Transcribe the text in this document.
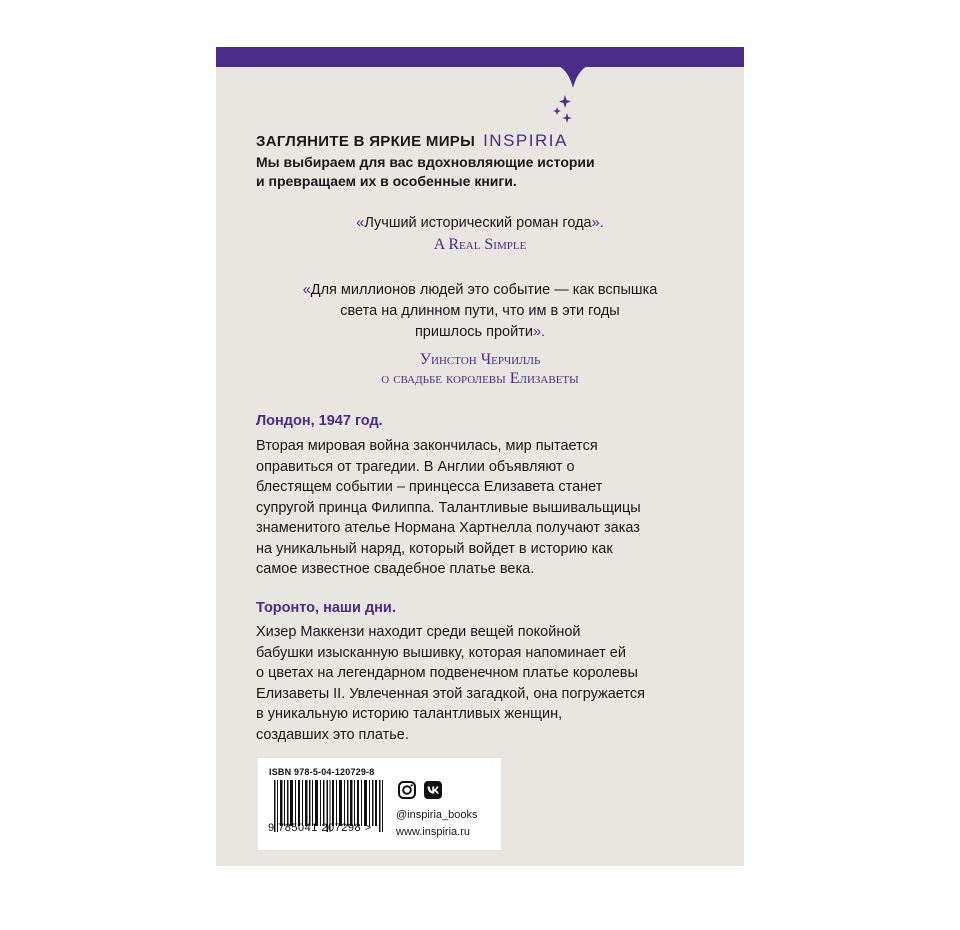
ЗАГЛЯНИТЕ В ЯРКИЕ МИРЫ INSPIRIA
Мы выбираем для вас вдохновляющие истории
и превращаем их в особенные книги.
«Лучший исторический роман года».
A Real Simple
«Для миллионов людей это событие — как вспышка
света на длинном пути, что им в эти годы
пришлось пройти».
Уинстон Черчилль
о свадьбе королевы Елизаветы
Лондон, 1947 год.
Вторая мировая война закончилась, мир пытается
оправиться от трагедии. В Англии объявляют о
блестящем событии – принцесса Елизавета станет
супругой принца Филиппа. Талантливые вышивальщицы
знаменитого ателье Нормана Хартнелла получают заказ
на уникальный наряд, который войдет в историю как
самое известное свадебное платье века.
Торонто, наши дни.
Хизер Маккензи находит среди вещей покойной
бабушки изысканную вышивку, которая напоминает ей
о цветах на легендарном подвенечном платье королевы
Елизаветы II. Увлеченная этой загадкой, она погружается
в уникальную историю талантливых женщин,
создавших это платье.
ISBN 978-5-04-120729-8
9 785041 207298 >
@inspiria_books
www.inspiria.ru
